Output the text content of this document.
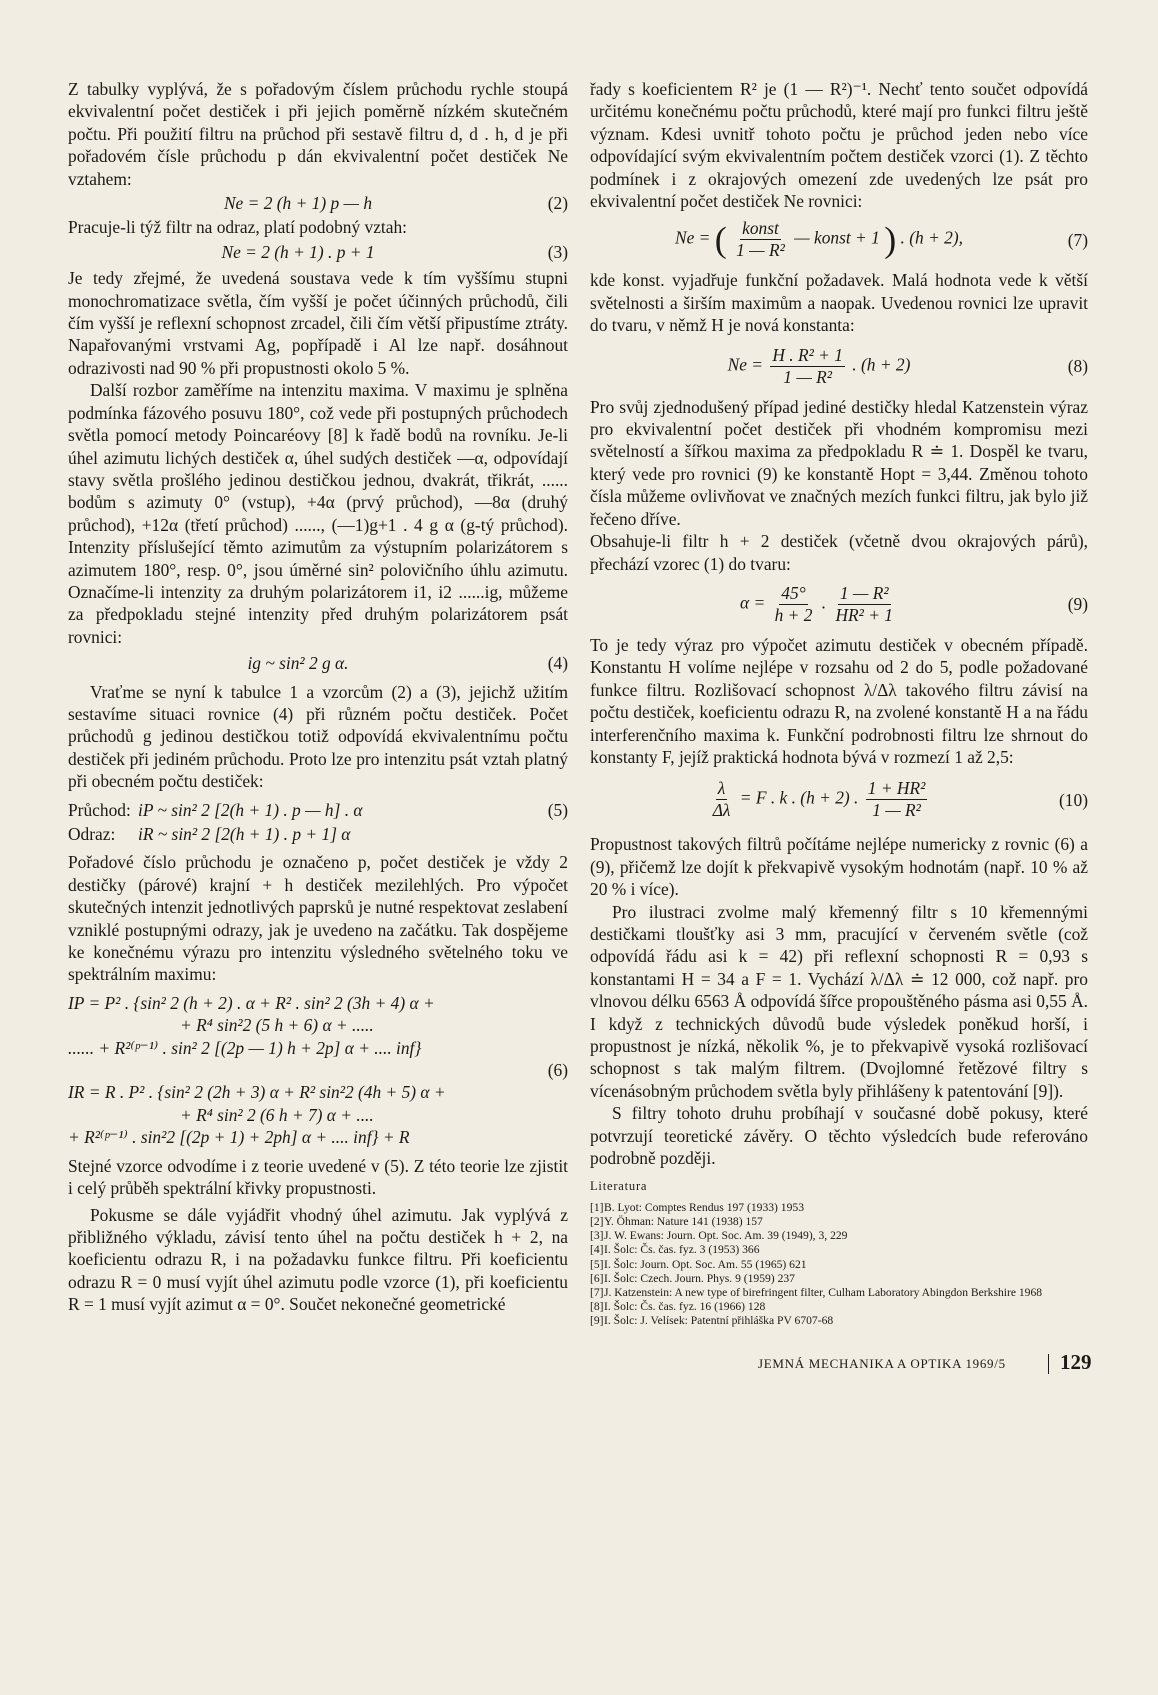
Z tabulky vyplývá, že s pořadovým číslem průchodu rychle stoupá ekvivalentní počet destiček i při jejich poměrně nízkém skutečném počtu. Při použití filtru na průchod při sestavě filtru d, d . h, d je při pořadovém čísle průchodu p dán ekvivalentní počet destiček Ne vztahem:

Ne = 2 (h + 1) p — h	(2)

Pracuje-li týž filtr na odraz, platí podobný vztah:

Ne = 2 (h + 1) . p + 1	(3)

Je tedy zřejmé, že uvedená soustava vede k tím vyššímu stupni monochromatizace světla, čím vyšší je počet účinných průchodů, čili čím vyšší je reflexní schopnost zrcadel, čili čím větší připustíme ztráty. Napařovanými vrstvami Ag, popřípadě i Al lze např. dosáhnout odrazivosti nad 90 % při propustnosti okolo 5 %.

Další rozbor zaměříme na intenzitu maxima. V maximu je splněna podmínka fázového posuvu 180°, což vede při postupných průchodech světla pomocí metody Poincaréovy [8] k řadě bodů na rovníku. Je-li úhel azimutu lichých destiček α, úhel sudých destiček —α, odpovídají stavy světla prošlého jedinou destičkou jednou, dvakrát, třikrát, ...... bodům s azimuty 0° (vstup), +4α (prvý průchod), —8α (druhý průchod), +12α (třetí průchod) ......, (—1)g+1 . 4 g α (g-tý průchod). Intenzity příslušející těmto azimutům za výstupním polarizátorem s azimutem 180°, resp. 0°, jsou úměrné sin² polovičního úhlu azimutu. Označíme-li intenzity za druhým polarizátorem i1, i2 ......ig, můžeme za předpokladu stejné intenzity před druhým polarizátorem psát rovnici:

ig ~ sin² 2 g α.	(4)

Vraťme se nyní k tabulce 1 a vzorcům (2) a (3), jejichž užitím sestavíme situaci rovnice (4) při různém počtu destiček. Počet průchodů g jedinou destičkou totiž odpovídá ekvivalentnímu počtu destiček při jediném průchodu. Proto lze pro intenzitu psát vztah platný při obecném počtu destiček:

Průchod: iP ~ sin² 2 [2(h + 1) . p — h] . α	(5)
Odraz:	iR ~ sin² 2 [2(h + 1) . p + 1] α

Pořadové číslo průchodu je označeno p, počet destiček je vždy 2 destičky (párové) krajní + h destiček mezilehlých. Pro výpočet skutečných intenzit jednotlivých paprsků je nutné respektovat zeslabení vzniklé postupnými odrazy, jak je uvedeno na začátku. Tak dospějeme ke konečnému výrazu pro intenzitu výsledného světelného toku ve spektrálním maximu:

IP = P² . {sin² 2 (h + 2) . α + R² . sin² 2 (3h + 4) α +
+ R⁴ sin²2 (5 h + 6) α + .....
...... + R²⁽ᵖ⁻¹⁾ . sin² 2 [(2p — 1) h + 2p] α + .... inf}
(6)
IR = R . P² . {sin² 2 (2h + 3) α + R² sin²2 (4h + 5) α +
+ R⁴ sin² 2 (6 h + 7) α + ....
+ R²⁽ᵖ⁻¹⁾ . sin²2 [(2p + 1) + 2ph] α + .... inf} + R

Stejné vzorce odvodíme i z teorie uvedené v (5). Z této teorie lze zjistit i celý průběh spektrální křivky propustnosti.

Pokusme se dále vyjádřit vhodný úhel azimutu. Jak vyplývá z přibližného výkladu, závisí tento úhel na počtu destiček h + 2, na koeficientu odrazu R, i na požadavku funkce filtru. Při koeficientu odrazu R = 0 musí vyjít úhel azimutu podle vzorce (1), při koeficientu R = 1 musí vyjít azimut α = 0°. Součet nekonečné geometrické

řady s koeficientem R² je (1 — R²)⁻¹. Nechť tento součet odpovídá určitému konečnému počtu průchodů, které mají pro funkci filtru ještě význam. Kdesi uvnitř tohoto počtu je průchod jeden nebo více odpovídající svým ekvivalentním počtem destiček vzorci (1). Z těchto podmínek i z okrajových omezení zde uvedených lze psát pro ekvivalentní počet destiček Ne rovnici:

Ne = ( $\frac{\text{konst}}{\text{1 — R²}}$ — konst + 1 ) . (h + 2),	(7)

kde konst. vyjadřuje funkční požadavek. Malá hodnota vede k větší světelnosti a širším maximům a naopak. Uvedenou rovnici lze upravit do tvaru, v němž H je nová konstanta:

$Ne = \frac{\text{H . R² + 1}}{\text{1 — R²}}$ . (h + 2)	(8)

Pro svůj zjednodušený případ jediné destičky hledal Katzenstein výraz pro ekvivalentní počet destiček při vhodném kompromisu mezi světelností a šířkou maxima za předpokladu R ≐ 1. Dospěl ke tvaru, který vede pro rovnici (9) ke konstantě Hopt = 3,44. Změnou tohoto čísla můžeme ovlivňovat ve značných mezích funkci filtru, jak bylo již řečeno dříve.

Obsahuje-li filtr h + 2 destiček (včetně dvou okrajových párů), přechází vzorec (1) do tvaru:

$\alpha = \frac{45^\circ}{h + 2}$ . $\frac{\text{1 — R²}}{\text{HR² + 1}}$	(9)

To je tedy výraz pro výpočet azimutu destiček v obecném případě. Konstantu H volíme nejlépe v rozsahu od 2 do 5, podle požadované funkce filtru. Rozlišovací schopnost λ/Δλ takového filtru závisí na počtu destiček, koeficientu odrazu R, na zvolené konstantě H a na řádu interferenčního maxima k. Funkční podrobnosti filtru lze shrnout do konstanty F, jejíž praktická hodnota bývá v rozmezí 1 až 2,5:

$\frac{\lambda}{\Delta\lambda} = F$ . k . (h + 2) . $\frac{\text{1 + HR²}}{\text{1 — R²}}$	(10)

Propustnost takových filtrů počítáme nejlépe numericky z rovnic (6) a (9), přičemž lze dojít k překvapivě vysokým hodnotám (např. 10 % až 20 % i více).

Pro ilustraci zvolme malý křemenný filtr s 10 křemennými destičkami tloušťky asi 3 mm, pracující v červeném světle (což odpovídá řádu asi k = 42) při reflexní schopnosti R = 0,93 s konstantami H = 34 a F = 1. Vychází λ/Δλ ≐ 12 000, což např. pro vlnovou délku 6563 Å odpovídá šířce propouštěného pásma asi 0,55 Å. I když z technických důvodů bude výsledek poněkud horší, i propustnost je nízká, několik %, je to překvapivě vysoká rozlišovací schopnost s tak malým filtrem. (Dvojlomné řetězové filtry s vícenásobným průchodem světla byly přihlášeny k patentování [9]).

S filtry tohoto druhu probíhají v současné době pokusy, které potvrzují teoretické závěry. O těchto výsledcích bude referováno podrobně později.

Literatura
[1] B. Lyot: Comptes Rendus 197 (1933) 1953
[2] Y. Öhman: Nature 141 (1938) 157
[3] J. W. Ewans: Journ. Opt. Soc. Am. 39 (1949), 3, 229
[4] I. Šolc: Čs. čas. fyz. 3 (1953) 366
[5] I. Šolc: Journ. Opt. Soc. Am. 55 (1965) 621
[6] I. Šolc: Czech. Journ. Phys. 9 (1959) 237
[7] J. Katzenstein: A new type of birefringent filter, Culham Laboratory Abingdon Berkshire 1968
[8] I. Šolc: Čs. čas. fyz. 16 (1966) 128
[9] I. Šolc: J. Velísek: Patentní přihláška PV 6707-68
JEMNÁ MECHANIKA A OPTIKA 1969/5	129
